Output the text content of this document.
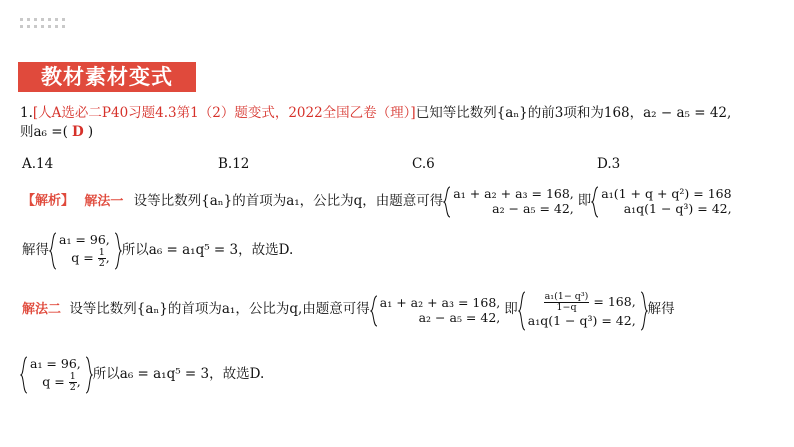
教材素材变式
1.[人A选必二P40习题4.3第1（2）题变式，2022全国乙卷（理）]已知等比数列{aₙ}的前3项和为168，a₂ − a₅ = 42,
则a₆ =( D )
A.14	B.12	C.6	D.3
【解析】 解法一 设等比数列{aₙ}的首项为a₁，公比为q，由题意可得 a₁ + a₂ + a₃ = 168,
a₂ − a₅ = 42, 即 a₁(1 + q + q²) = 168
a₁q(1 − q³) = 42,
解得
a₁ = 96,
$q = \frac{1}{2}$ , 所以a₆ = a₁q⁵ = 3，故选D.
解法二 设等比数列{aₙ}的首项为a₁，公比为q,由题意可得 a₁ + a₂ + a₃ = 168,
a₂ − a₅ = 42, 即	$\frac{\text{a₁(1− q³)}}{1-q} = 168$,
a₁q(1 − q³) = 42,
解得
a₁ = 96,
$q = \frac{1}{2}$ , 所以a₆ = a₁q⁵ = 3，故选D.
